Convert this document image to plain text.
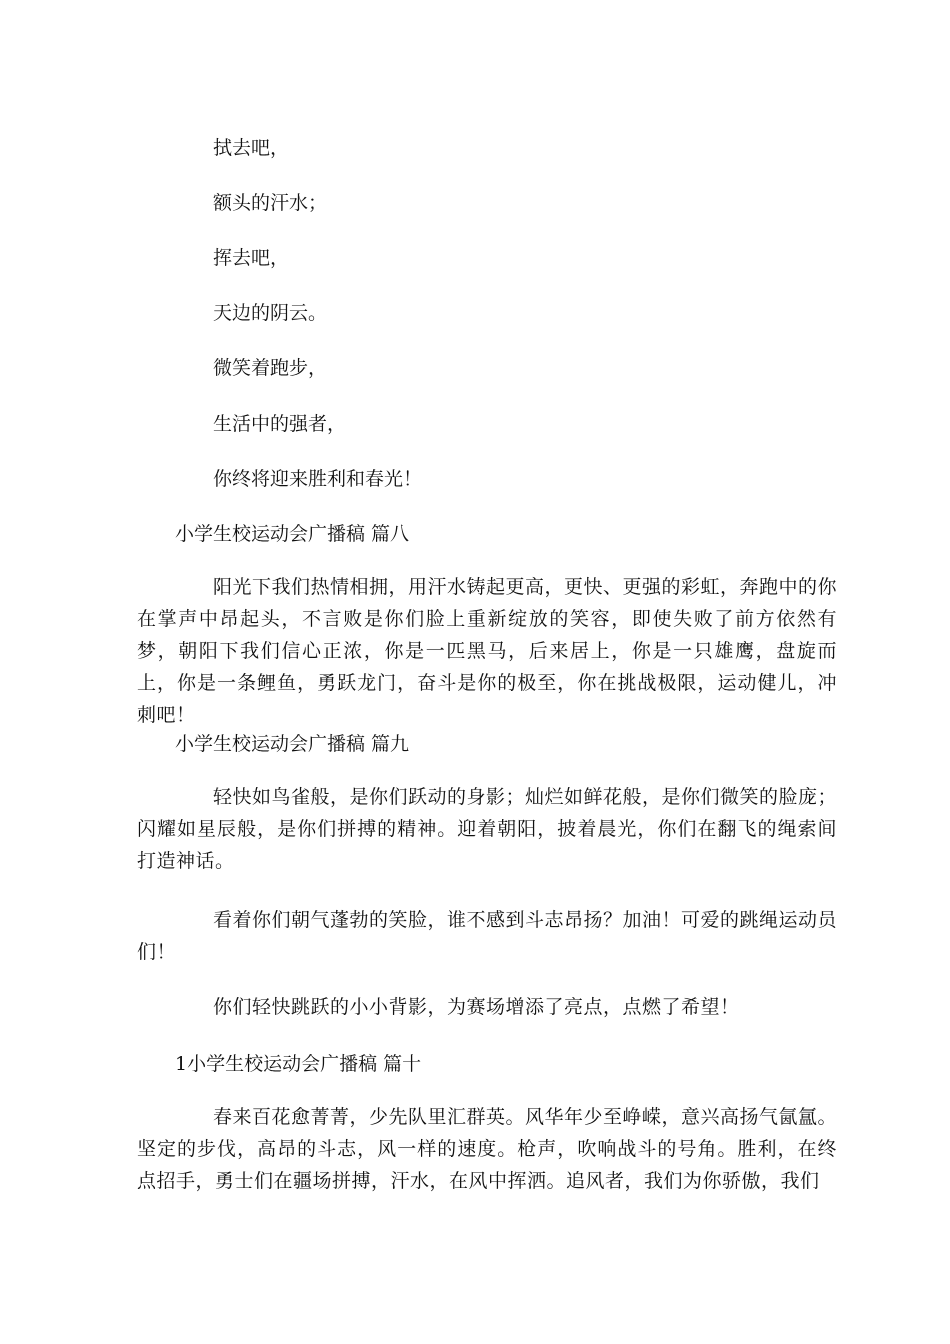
拭去吧，

额头的汗水；

挥去吧，

天边的阴云。

微笑着跑步，

生活中的强者，

你终将迎来胜利和春光！

小学生校运动会广播稿 篇八

阳光下我们热情相拥，用汗水铸起更高，更快、更强的彩虹，奔跑中的你在掌声中昂起头，不言败是你们脸上重新绽放的笑容，即使失败了前方依然有梦，朝阳下我们信心正浓，你是一匹黑马，后来居上，你是一只雄鹰，盘旋而上，你是一条鲤鱼，勇跃龙门，奋斗是你的极至，你在挑战极限，运动健儿，冲刺吧！

小学生校运动会广播稿 篇九

轻快如鸟雀般，是你们跃动的身影；灿烂如鲜花般，是你们微笑的脸庞；闪耀如星辰般，是你们拼搏的精神。迎着朝阳，披着晨光，你们在翻飞的绳索间打造神话。

看着你们朝气蓬勃的笑脸，谁不感到斗志昂扬？加油！可爱的跳绳运动员们！

你们轻快跳跃的小小背影，为赛场增添了亮点，点燃了希望！

1小学生校运动会广播稿 篇十

春来百花愈菁菁，少先队里汇群英。风华年少至峥嵘，意兴高扬气氤氲。坚定的步伐，高昂的斗志，风一样的速度。枪声，吹响战斗的号角。胜利，在终点招手，勇士们在疆场拼搏，汗水，在风中挥洒。追风者，我们为你骄傲，我们
